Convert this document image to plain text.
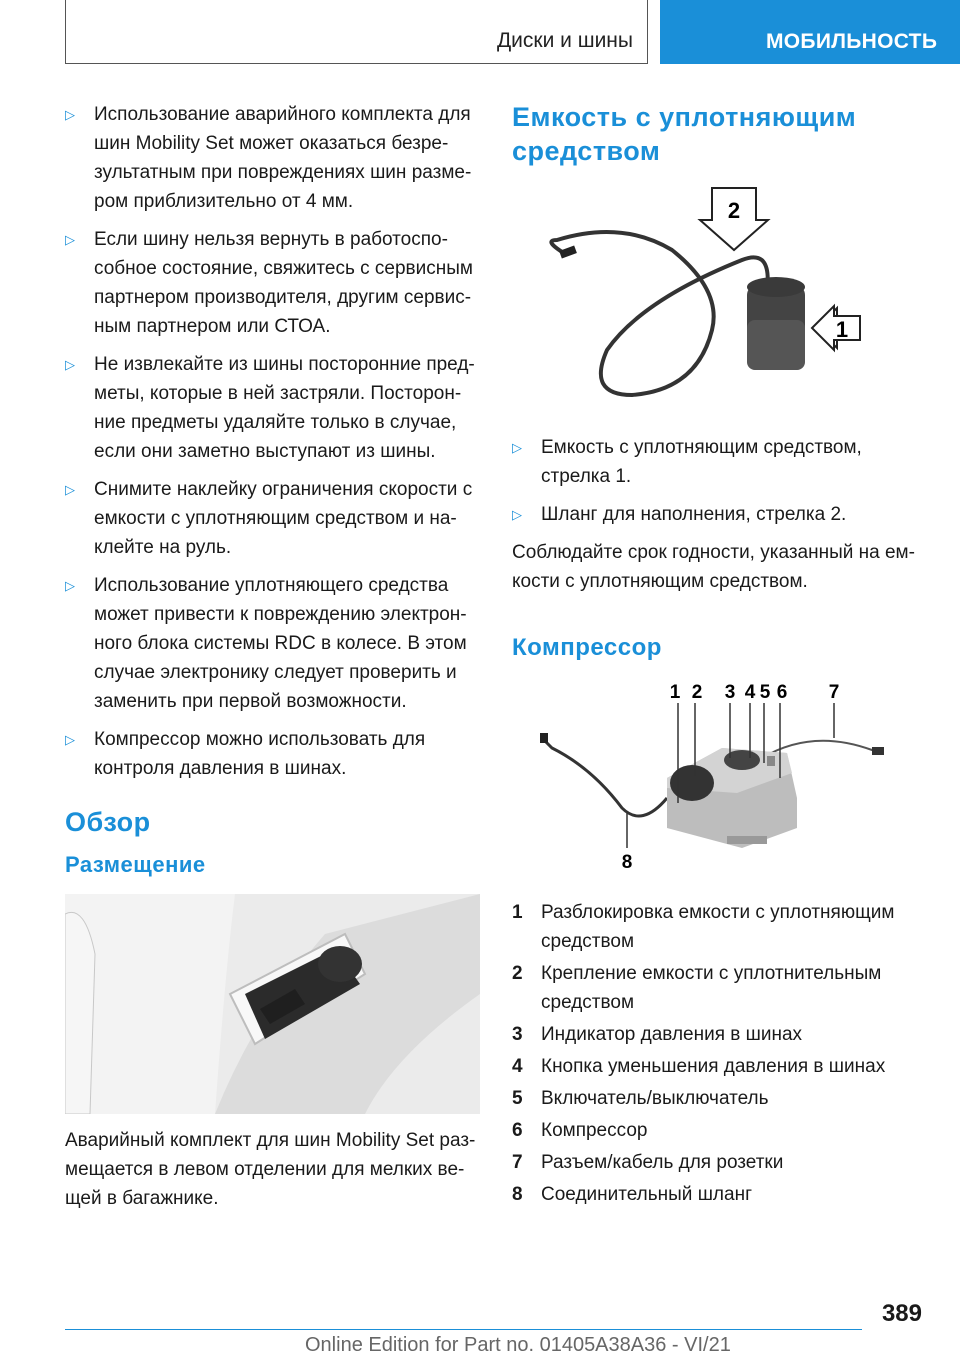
Диски и шины	МОБИЛЬНОСТЬ
▷	Использование аварийного комплекта для шин Mobility Set может оказаться безре‐ зультатным при повреждениях шин разме‐ ром приблизительно от 4 мм.
▷	Если шину нельзя вернуть в работоспо‐ собное состояние, свяжитесь с сервисным партнером производителя, другим сервис‐ ным партнером или СТОА.
▷	Не извлекайте из шины посторонние пред‐ меты, которые в ней застряли. Посторон‐ ние предметы удаляйте только в случае, если они заметно выступают из шины.
▷	Снимите наклейку ограничения скорости с емкости с уплотняющим средством и на‐ клейте на руль.
▷	Использование уплотняющего средства может привести к повреждению электрон‐ ного блока системы RDC в колесе. В этом случае электронику следует проверить и заменить при первой возможности.
▷	Компрессор можно использовать для контроля давления в шинах.
Обзор
Размещение
Аварийный комплект для шин Mobility Set раз‐ мещается в левом отделении для мелких ве‐ щей в багажнике.
Емкость с уплотняющим средством
2
1
▷	Емкость с уплотняющим средством, стрелка 1.
▷	Шланг для наполнения, стрелка 2.
Соблюдайте срок годности, указанный на ем‐ кости с уплотняющим средством.
Компрессор
1 2 3 4 5 6 7
8
1 Разблокировка емкости с уплотняющим средством
2 Крепление емкости с уплотнительным средством
3 Индикатор давления в шинах
4 Кнопка уменьшения давления в шинах
5 Включатель/выключатель
6 Компрессор
7 Разъем/кабель для розетки
8 Соединительный шланг
389
Online Edition for Part no. 01405A38A36 - VI/21
